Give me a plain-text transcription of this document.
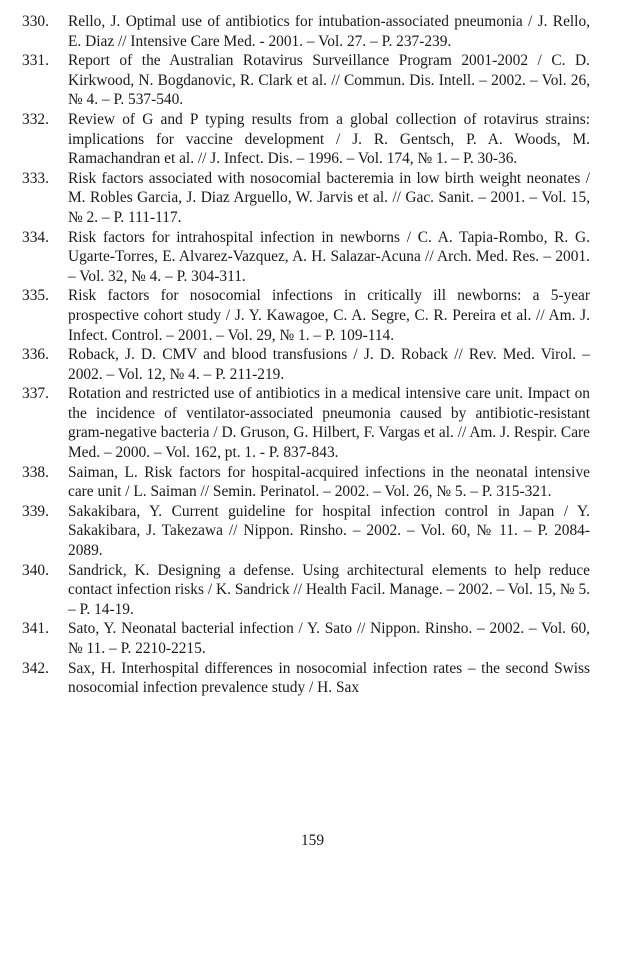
330.	Rello, J. Optimal use of antibiotics for intubation-associated pneumonia / J. Rello, E. Diaz // Intensive Care Med. - 2001. – Vol. 27. – P. 237-239.
331.	Report of the Australian Rotavirus Surveillance Program 2001-2002 / C. D. Kirkwood, N. Bogdanovic, R. Clark et al. // Commun. Dis. Intell. – 2002. – Vol. 26, № 4. – P. 537-540.
332.	Review of G and P typing results from a global collection of rotavirus strains: implications for vaccine development / J. R. Gentsch, P. A. Woods, M. Ramachandran et al. // J. Infect. Dis. – 1996. – Vol. 174, № 1. – P. 30-36.
333.	Risk factors associated with nosocomial bacteremia in low birth weight neonates / M. Robles Garcia, J. Diaz Arguello, W. Jarvis et al. // Gac. Sanit. – 2001. – Vol. 15, № 2. – P. 111-117.
334.	Risk factors for intrahospital infection in newborns / C. A. Tapia-Rombo, R. G. Ugarte-Torres, E. Alvarez-Vazquez, A. H. Salazar-Acuna // Arch. Med. Res. – 2001. – Vol. 32, № 4. – P. 304-311.
335.	Risk factors for nosocomial infections in critically ill newborns: a 5-year prospective cohort study / J. Y. Kawagoe, C. A. Segre, C. R. Pereira et al. // Am. J. Infect. Control. – 2001. – Vol. 29, № 1. – P. 109-114.
336.	Roback, J. D. CMV and blood transfusions / J. D. Roback // Rev. Med. Virol. – 2002. – Vol. 12, № 4. – P. 211-219.
337.	Rotation and restricted use of antibiotics in a medical intensive care unit. Impact on the incidence of ventilator-associated pneumonia caused by antibiotic-resistant gram-negative bacteria / D. Gruson, G. Hilbert, F. Vargas et al. // Am. J. Respir. Care Med. – 2000. – Vol. 162, pt. 1. - P. 837-843.
338.	Saiman, L. Risk factors for hospital-acquired infections in the neonatal intensive care unit / L. Saiman // Semin. Perinatol. – 2002. – Vol. 26, № 5. – P. 315-321.
339.	Sakakibara, Y. Current guideline for hospital infection control in Japan / Y. Sakakibara, J. Takezawa // Nippon. Rinsho. – 2002. – Vol. 60, № 11. – P. 2084-2089.
340.	Sandrick, K. Designing a defense. Using architectural elements to help reduce contact infection risks / K. Sandrick // Health Facil. Manage. – 2002. – Vol. 15, № 5. – P. 14-19.
341.	Sato, Y. Neonatal bacterial infection / Y. Sato // Nippon. Rinsho. – 2002. – Vol. 60, № 11. – P. 2210-2215.
342.	Sax, H. Interhospital differences in nosocomial infection rates – the second Swiss nosocomial infection prevalence study / H. Sax
159
